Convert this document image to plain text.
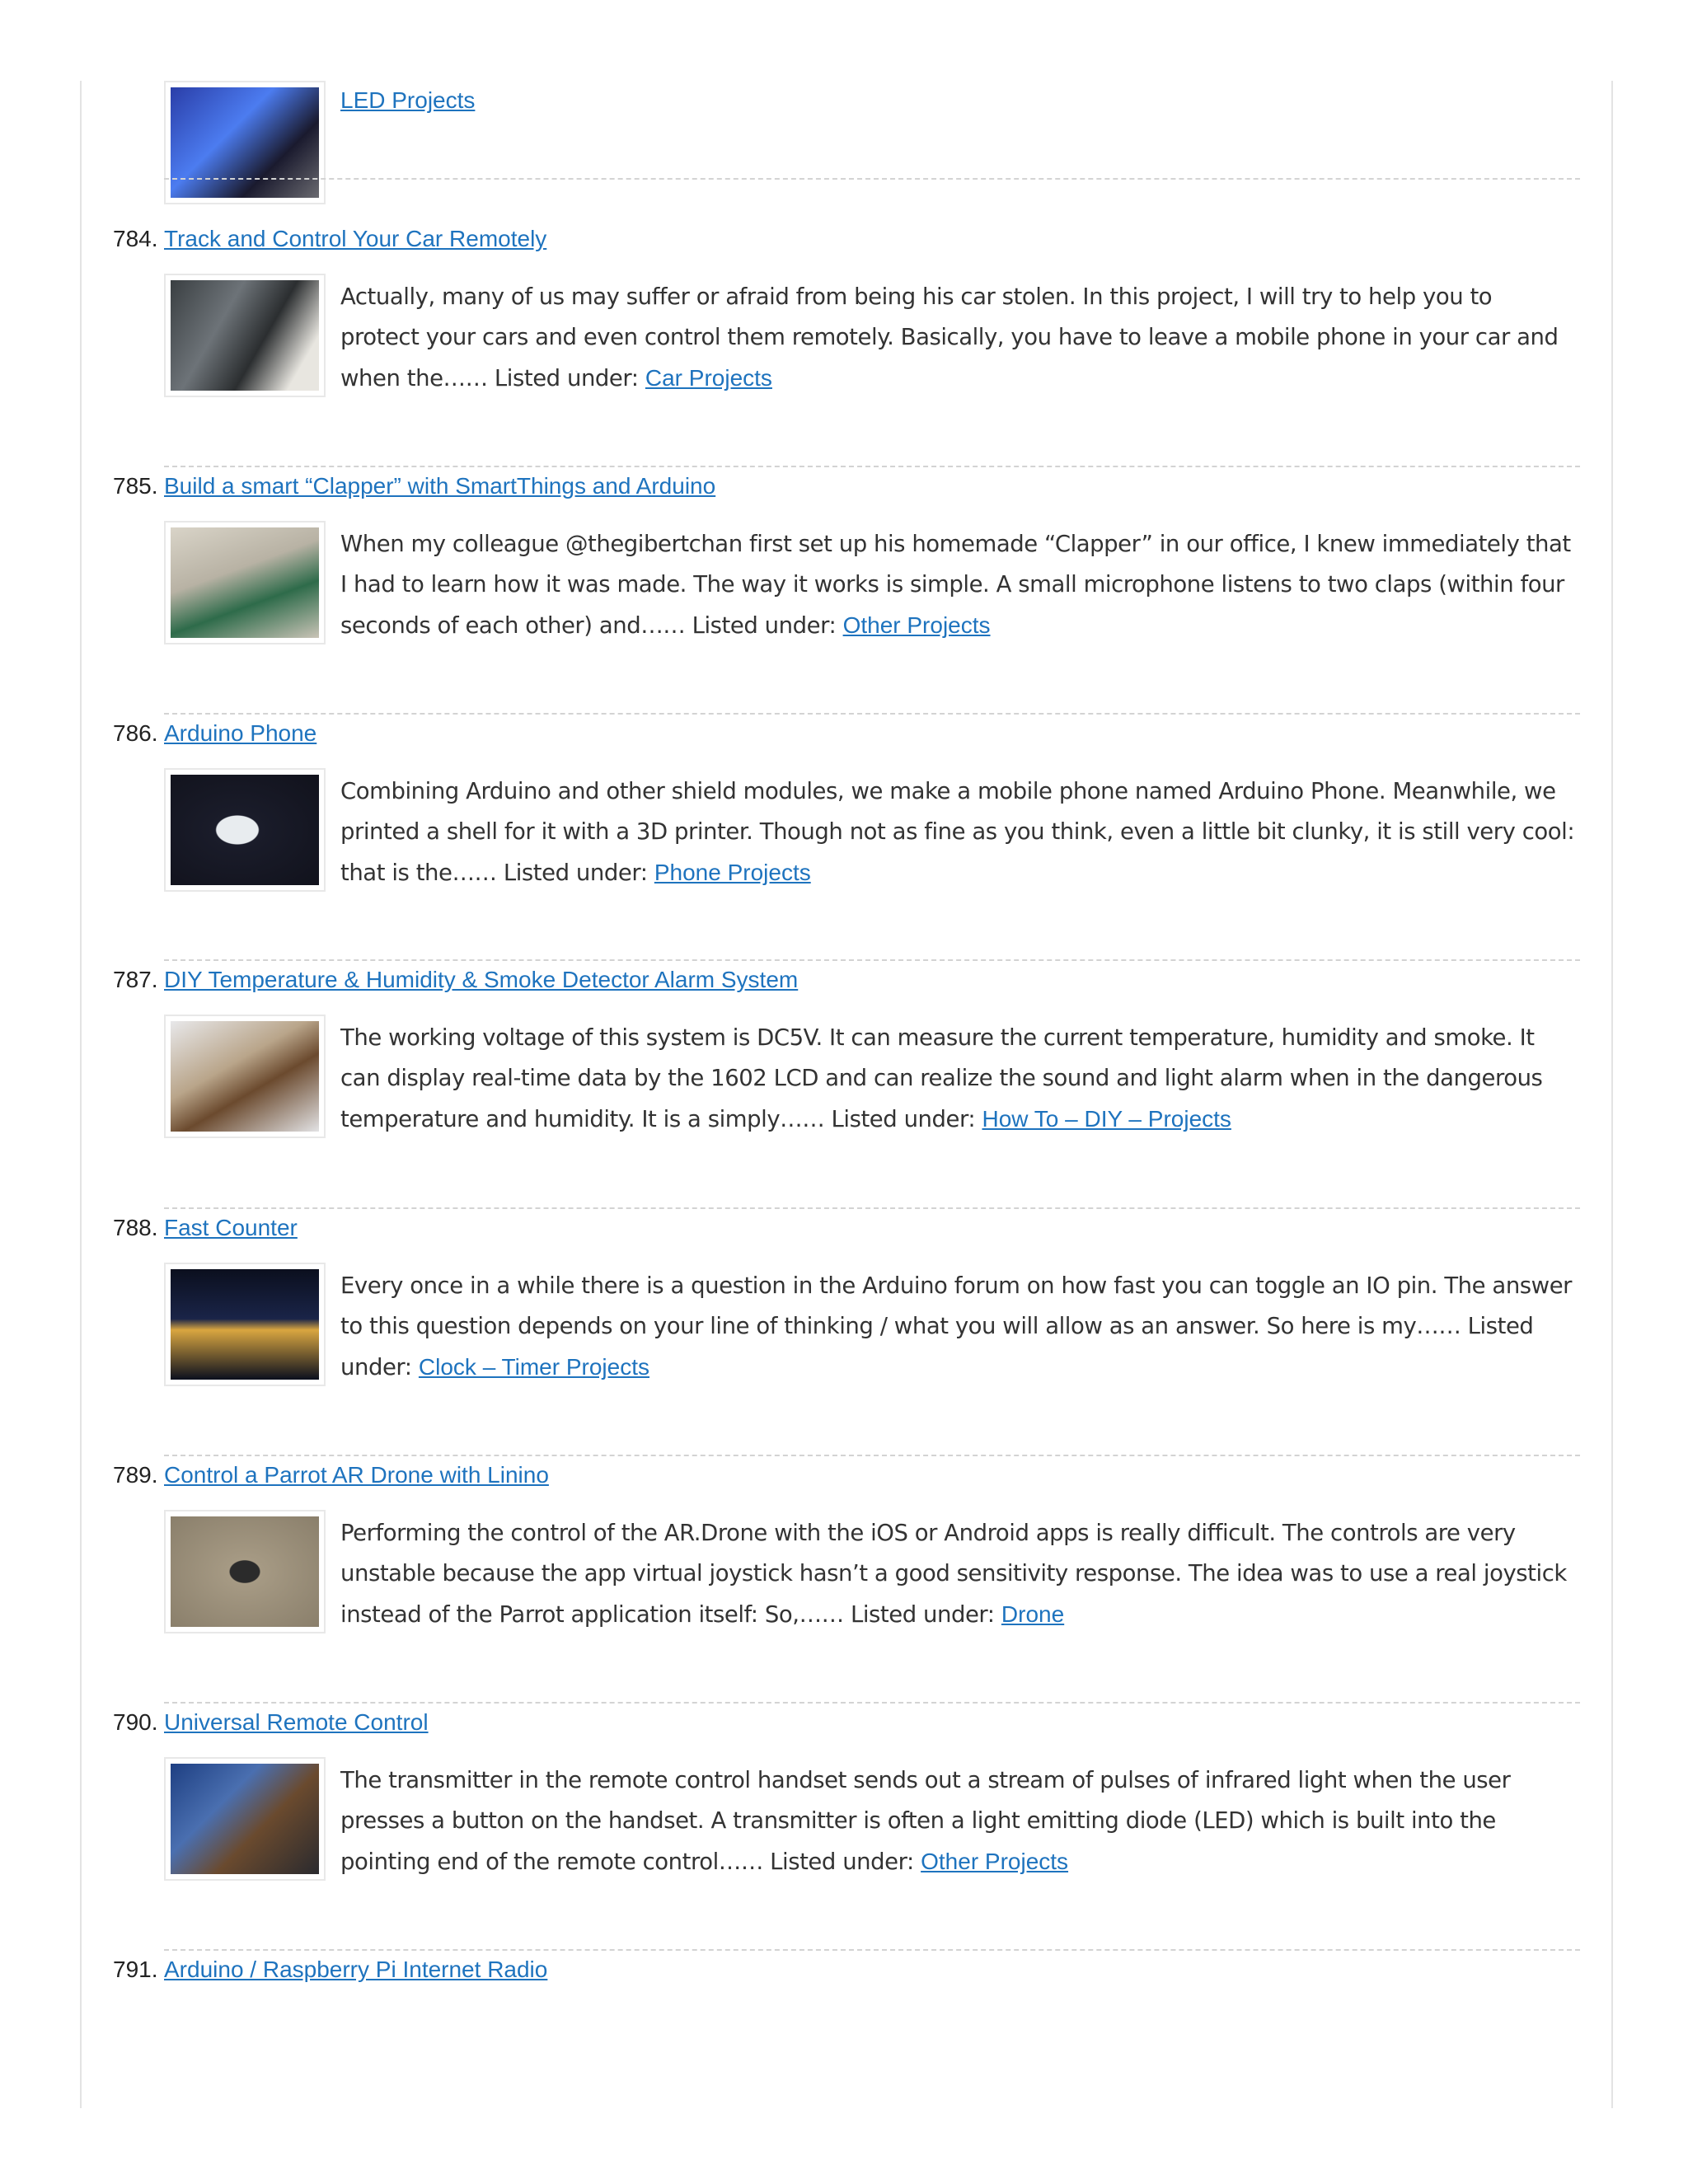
LED Projects
784. Track and Control Your Car Remotely
Actually, many of us may suffer or afraid from being his car stolen. In this project, I will try to help you to protect your cars and even control them remotely. Basically, you have to leave a mobile phone in your car and when the…… Listed under: Car Projects
785. Build a smart “Clapper” with SmartThings and Arduino
When my colleague @thegibertchan first set up his homemade “Clapper” in our office, I knew immediately that I had to learn how it was made. The way it works is simple. A small microphone listens to two claps (within four seconds of each other) and…… Listed under: Other Projects
786. Arduino Phone
Combining Arduino and other shield modules, we make a mobile phone named Arduino Phone. Meanwhile, we printed a shell for it with a 3D printer. Though not as fine as you think, even a little bit clunky, it is still very cool: that is the…… Listed under: Phone Projects
787. DIY Temperature & Humidity & Smoke Detector Alarm System
The working voltage of this system is DC5V. It can measure the current temperature, humidity and smoke. It can display real-time data by the 1602 LCD and can realize the sound and light alarm when in the dangerous temperature and humidity. It is a simply…… Listed under: How To – DIY – Projects
788. Fast Counter
Every once in a while there is a question in the Arduino forum on how fast you can toggle an IO pin. The answer to this question depends on your line of thinking / what you will allow as an answer. So here is my…… Listed under: Clock – Timer Projects
789. Control a Parrot AR Drone with Linino
Performing the control of the AR.Drone with the iOS or Android apps is really difficult. The controls are very unstable because the app virtual joystick hasn’t a good sensitivity response. The idea was to use a real joystick instead of the Parrot application itself: So,…… Listed under: Drone
790. Universal Remote Control
The transmitter in the remote control handset sends out a stream of pulses of infrared light when the user presses a button on the handset. A transmitter is often a light emitting diode (LED) which is built into the pointing end of the remote control…… Listed under: Other Projects
791. Arduino / Raspberry Pi Internet Radio
